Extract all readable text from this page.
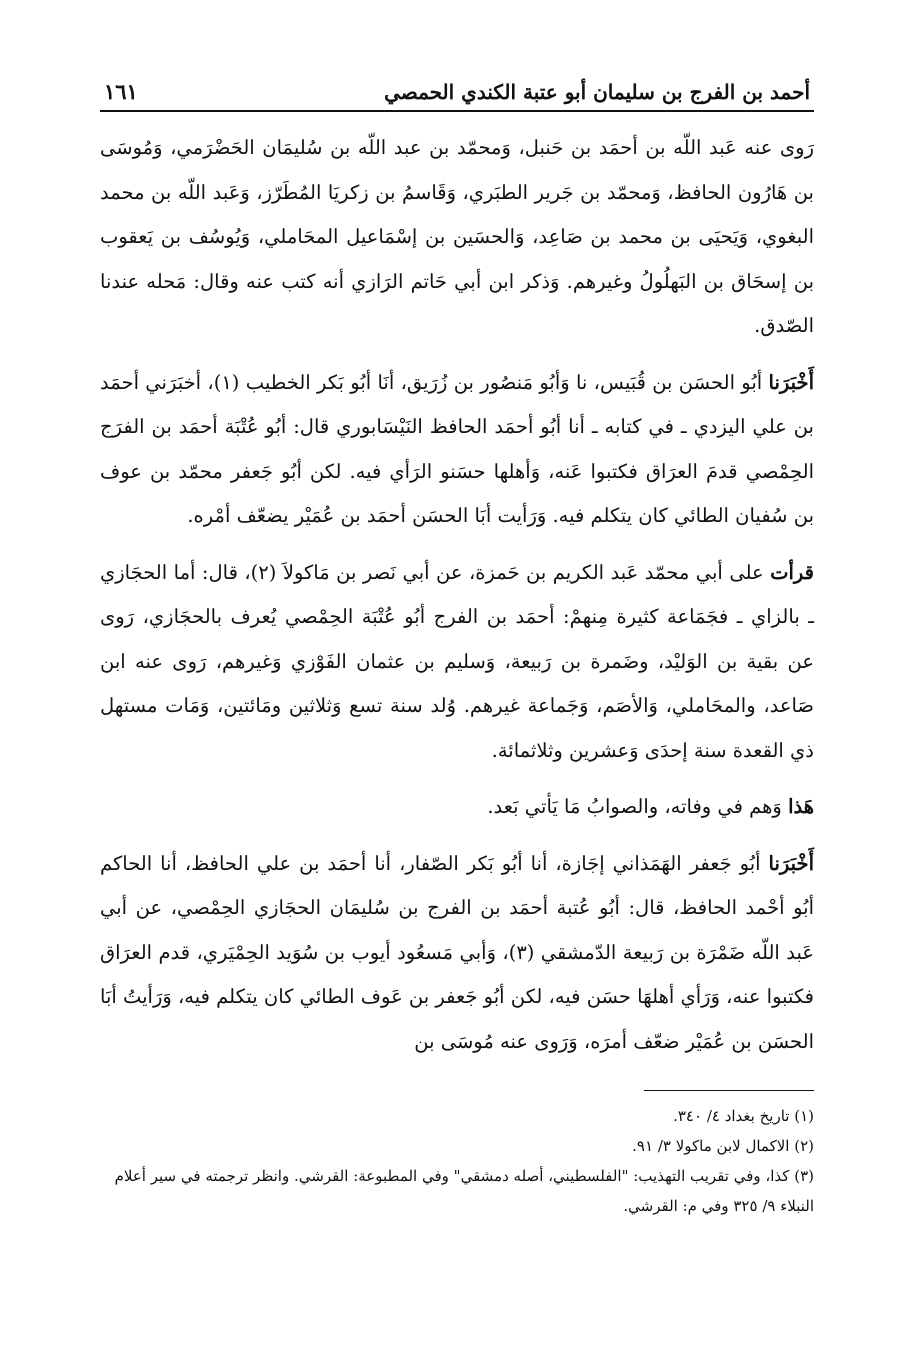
أحمد بن الفرج بن سليمان أبو عتبة الكندي الحمصي
١٦١

رَوى عنه عَبد اللّه بن أحمَد بن حَنبل، وَمحمّد بن عبد اللّه بن سُليمَان الحَضْرَمي، وَمُوسَى بن هَارُون الحافظ، وَمحمّد بن جَرير الطبَري، وَقَاسمُ بن زكريَا المُطَرّز، وَعَبد اللّه بن محمد البغوي، وَيَحيَى بن محمد بن صَاعِد، وَالحسَين بن إسْمَاعيل المحَاملي، وَيُوسُف بن يَعقوب بن إسحَاق بن البَهلُولُ وغيرهم. وَذكر ابن أبي حَاتم الرَازي أنه كتب عنه وقال: مَحله عندنا الصّدق.

أَخْبَرَنا أبُو الحسَن بن قُبَيس، نا وَأبُو مَنصُور بن زُرَيق، أنَا أبُو بَكر الخطيب (١)، أخبَرَني أحمَد بن علي اليزدي ـ في كتابه ـ أنا أبُو أحمَد الحافظ النَيْسَابوري قال: أبُو عُتْبَة أحمَد بن الفرَج الحِمْصي قدمَ العرَاق فكتبوا عَنه، وَأهلها حسَنو الرَأي فيه. لكن أبُو جَعفر محمّد بن عوف بن سُفيان الطائي كان يتكلم فيه. وَرَأيت أبَا الحسَن أحمَد بن عُمَيْر يضعّف أمْره.

قرأت على أبي محمّد عَبد الكريم بن حَمزة، عن أبي نَصر بن مَاكولاَ (٢)، قال: أما الحجَازي ـ بالزاي ـ فجَمَاعة كثيرة مِنهمْ: أحمَد بن الفرج أبُو عُتْبَة الحِمْصي يُعرف بالحجَازي، رَوى عن بقية بن الوَليْد، وضَمرة بن رَبيعة، وَسليم بن عثمان الفَوْزي وَغيرهم، رَوى عنه ابن صَاعد، والمحَاملي، وَالأصَم، وَجَماعة غيرهم. وُلد سنة تسع وَثلاثين ومَائتين، وَمَات مستهل ذي القعدة سنة إحدَى وَعشرين وثلاثمائة.

هَذا وَهم في وفاته، والصوابُ مَا يَأتي بَعد.

أَخْبَرَنا أبُو جَعفر الهَمَذاني إجَازة، أنا أبُو بَكر الصّفار، أنا أحمَد بن علي الحافظ، أنا الحاكم أبُو أحْمد الحافظ، قال: أبُو عُتبة أحمَد بن الفرج بن سُليمَان الحجَازي الحِمْصي، عن أبي عَبد اللّه ضَمْرَة بن رَبيعة الدّمشقي (٣)، وَأبي مَسعُود أيوب بن سُوَيد الحِمْيَري، قدم العرَاق فكتبوا عنه، وَرَأي أهلهَا حسَن فيه، لكن أبُو جَعفر بن عَوف الطائي كان يتكلم فيه، وَرَأيتُ أبَا الحسَن بن عُمَيْر ضعّف أمرَه، وَرَوى عنه مُوسَى بن

(١) تاريخ بغداد ٤/ ٣٤٠.

(٢) الاكمال لابن ماكولا ٣/ ٩١.

(٣) كذا، وفي تقريب التهذيب: "الفلسطيني، أصله دمشقي" وفي المطبوعة: القرشي. وانظر ترجمته في سير أعلام النبلاء ٩/ ٣٢٥ وفي م: القرشي.
